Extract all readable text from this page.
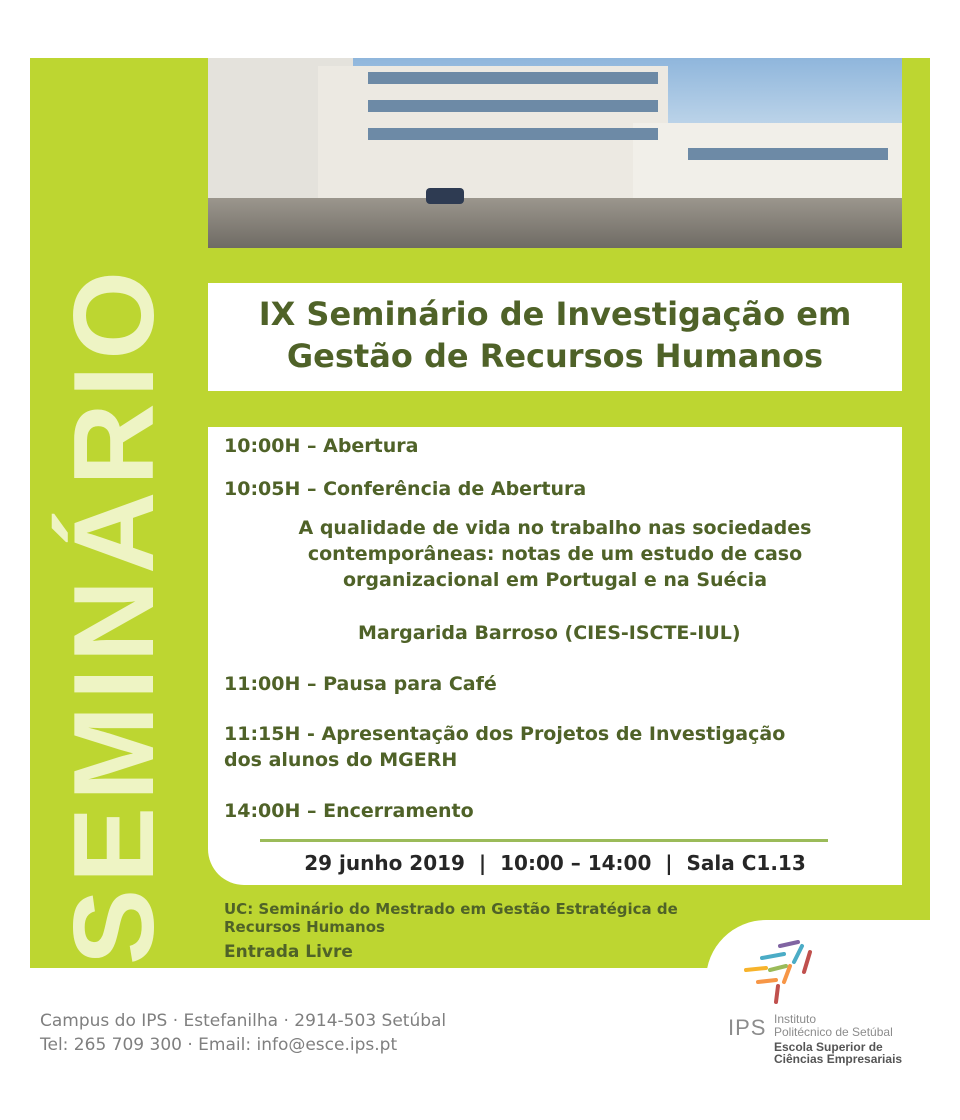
SEMINÁRIO	IX Seminário de Investigação em
Gestão de Recursos Humanos
10:00H – Abertura
10:05H – Conferência de Abertura
A qualidade de vida no trabalho nas sociedades
contemporâneas: notas de um estudo de caso
organizacional em Portugal e na Suécia
Margarida Barroso (CIES-ISCTE-IUL)
11:00H – Pausa para Café
11:15H - Apresentação dos Projetos de Investigação
dos alunos do MGERH
14:00H – Encerramento
29 junho 2019  |  10:00 – 14:00  |  Sala C1.13
UC: Seminário do Mestrado em Gestão Estratégica de
Recursos Humanos
Entrada Livre
IPS Instituto
Politécnico de Setúbal
Escola Superior de
Ciências Empresariais
Campus do IPS · Estefanilha · 2914-503 Setúbal
Tel: 265 709 300 · Email: info@esce.ips.pt
